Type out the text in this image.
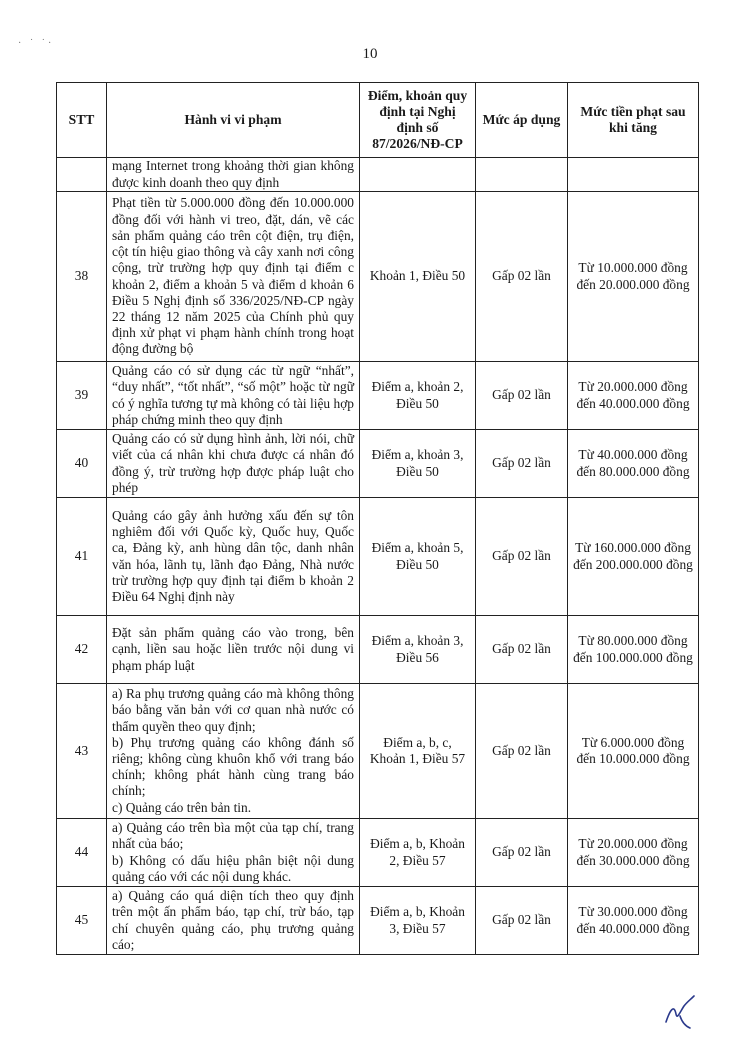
· ˙ ˙·
10
STT	Hành vi vi phạm	Điểm, khoản quy định tại Nghị định số 87/2026/NĐ-CP	Mức áp dụng	Mức tiền phạt sau khi tăng

	mạng Internet trong khoảng thời gian không được kinh doanh theo quy định			

38	Phạt tiền từ 5.000.000 đồng đến 10.000.000 đồng đối với hành vi treo, đặt, dán, vẽ các sản phẩm quảng cáo trên cột điện, trụ điện, cột tín hiệu giao thông và cây xanh nơi công cộng, trừ trường hợp quy định tại điểm c khoản 2, điểm a khoản 5 và điểm d khoản 6 Điều 5 Nghị định số 336/2025/NĐ-CP ngày 22 tháng 12 năm 2025 của Chính phủ quy định xử phạt vi phạm hành chính trong hoạt động đường bộ	Khoản 1, Điều 50	Gấp 02 lần	Từ 10.000.000 đồng đến 20.000.000 đồng
39	Quảng cáo có sử dụng các từ ngữ “nhất”, “duy nhất”, “tốt nhất”, “số một” hoặc từ ngữ có ý nghĩa tương tự mà không có tài liệu hợp pháp chứng minh theo quy định	Điểm a, khoản 2, Điều 50	Gấp 02 lần	Từ 20.000.000 đồng đến 40.000.000 đồng
40	Quảng cáo có sử dụng hình ảnh, lời nói, chữ viết của cá nhân khi chưa được cá nhân đó đồng ý, trừ trường hợp được pháp luật cho phép	Điểm a, khoản 3, Điều 50	Gấp 02 lần	Từ 40.000.000 đồng đến 80.000.000 đồng
41	Quảng cáo gây ảnh hưởng xấu đến sự tôn nghiêm đối với Quốc kỳ, Quốc huy, Quốc ca, Đảng kỳ, anh hùng dân tộc, danh nhân văn hóa, lãnh tụ, lãnh đạo Đảng, Nhà nước trừ trường hợp quy định tại điểm b khoản 2 Điều 64 Nghị định này	Điểm a, khoản 5, Điều 50	Gấp 02 lần	Từ 160.000.000 đồng đến 200.000.000 đồng
42	Đặt sản phẩm quảng cáo vào trong, bên cạnh, liền sau hoặc liền trước nội dung vi phạm pháp luật	Điểm a, khoản 3, Điều 56	Gấp 02 lần	Từ 80.000.000 đồng đến 100.000.000 đồng
43	a) Ra phụ trương quảng cáo mà không thông báo bằng văn bản với cơ quan nhà nước có thẩm quyền theo quy định;
b) Phụ trương quảng cáo không đánh số riêng; không cùng khuôn khổ với trang báo chính; không phát hành cùng trang báo chính;
c) Quảng cáo trên bản tin.	Điểm a, b, c, Khoản 1, Điều 57	Gấp 02 lần	Từ 6.000.000 đồng đến 10.000.000 đồng
44	a) Quảng cáo trên bìa một của tạp chí, trang nhất của báo;
b) Không có dấu hiệu phân biệt nội dung quảng cáo với các nội dung khác.	Điểm a, b, Khoản 2, Điều 57	Gấp 02 lần	Từ 20.000.000 đồng đến 30.000.000 đồng
45	a) Quảng cáo quá diện tích theo quy định trên một ấn phẩm báo, tạp chí, trừ báo, tạp chí chuyên quảng cáo, phụ trương quảng cáo;	Điểm a, b, Khoản 3, Điều 57	Gấp 02 lần	Từ 30.000.000 đồng đến 40.000.000 đồng
